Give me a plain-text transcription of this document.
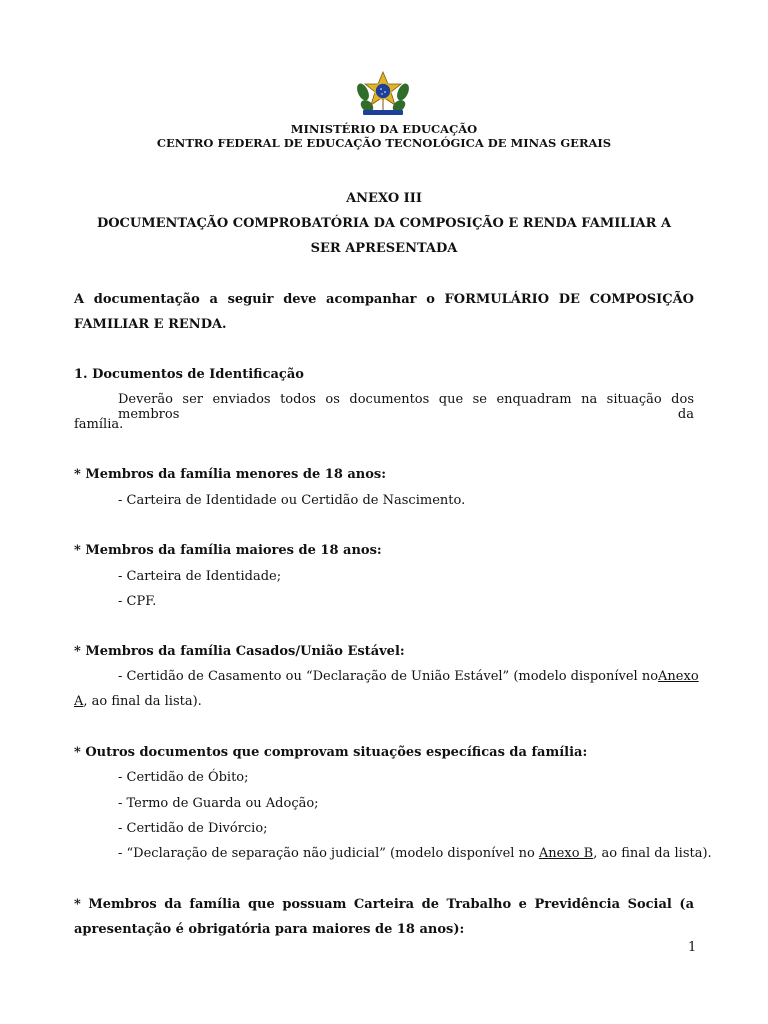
MINISTÉRIO DA EDUCAÇÃO
CENTRO FEDERAL DE EDUCAÇÃO TECNOLÓGICA DE MINAS GERAIS
ANEXO III
DOCUMENTAÇÃO COMPROBATÓRIA DA COMPOSIÇÃO E RENDA FAMILIAR A
SER APRESENTADA
A documentação a seguir deve acompanhar o FORMULÁRIO DE COMPOSIÇÃO
FAMILIAR E RENDA.
1. Documentos de Identificação
Deverão ser enviados todos os documentos que se enquadram na situação dos membros da
família.
* Membros da família menores de 18 anos:
- Carteira de Identidade ou Certidão de Nascimento.
* Membros da família maiores de 18 anos:
- Carteira de Identidade;
- CPF.
* Membros da família Casados/União Estável:
- Certidão de Casamento ou “Declaração de União Estável” (modelo disponível no Anexo
A, ao final da lista).
* Outros documentos que comprovam situações específicas da família:
- Certidão de Óbito;
- Termo de Guarda ou Adoção;
- Certidão de Divórcio;
- “Declaração de separação não judicial” (modelo disponível no Anexo B, ao final da lista).
* Membros da família que possuam Carteira de Trabalho e Previdência Social (a
apresentação é obrigatória para maiores de 18 anos):
1
